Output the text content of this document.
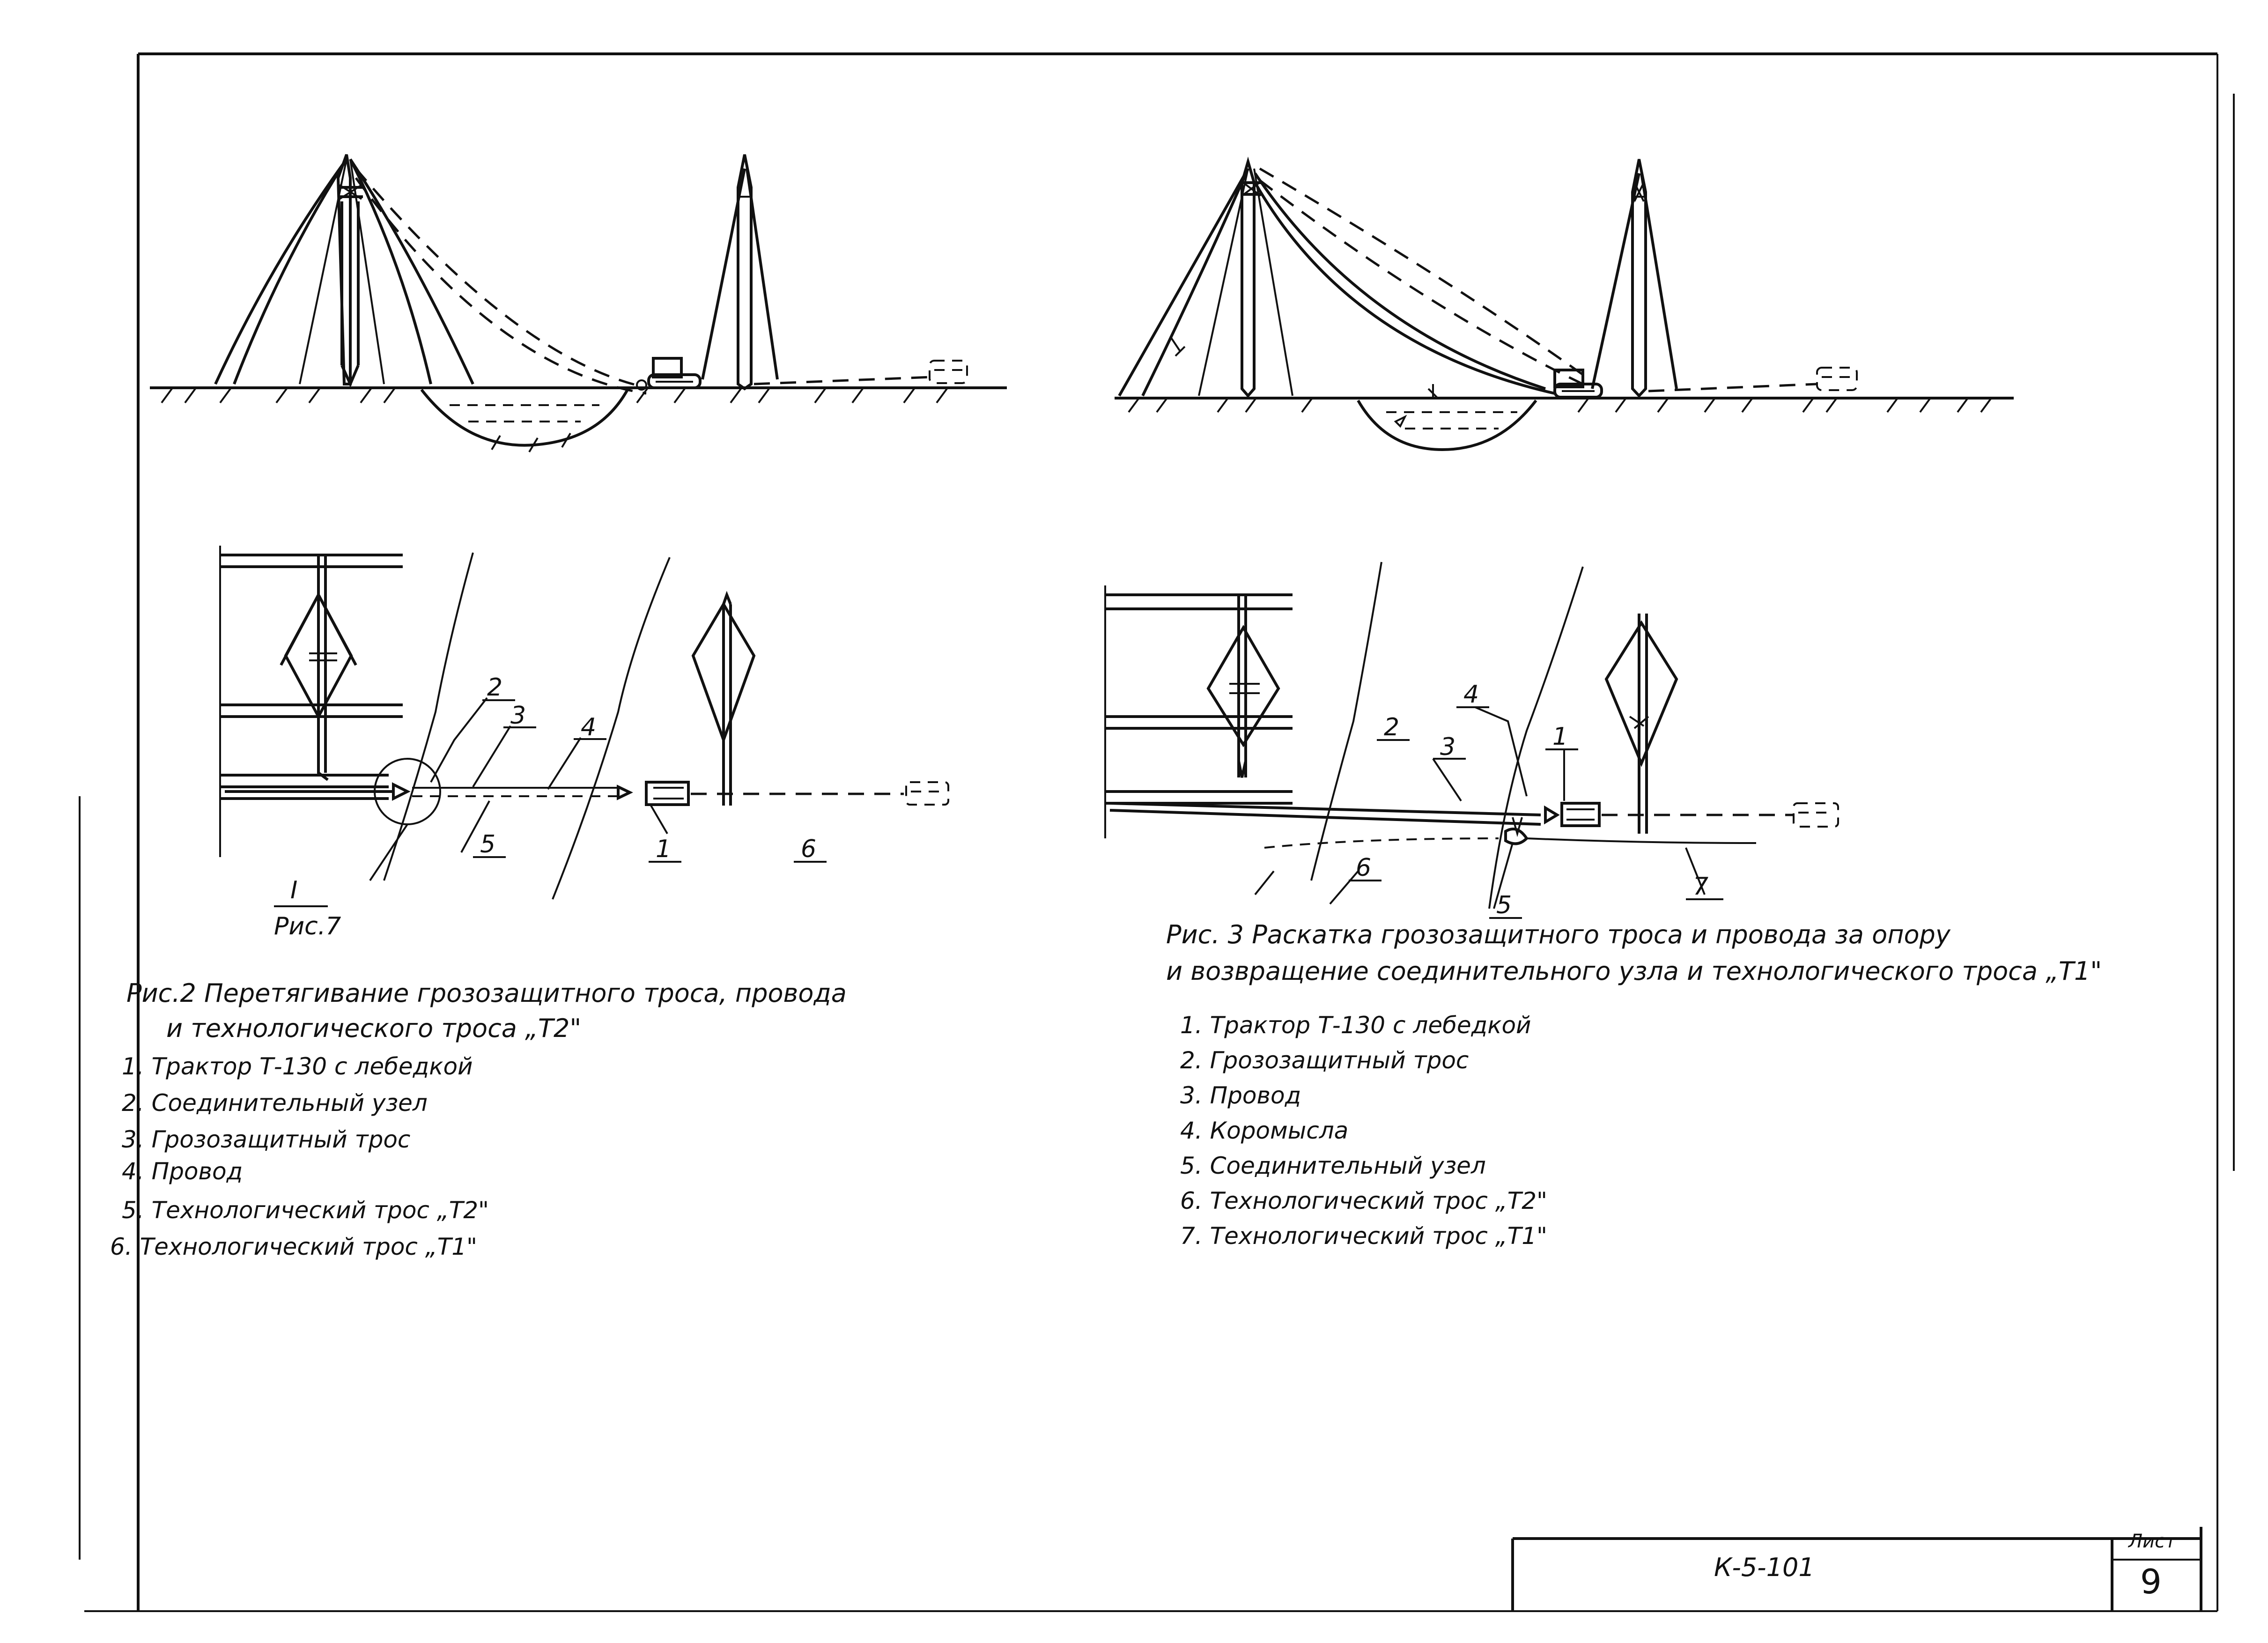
2
3 4
5	1	6
I
Рис.7
2
3
4
1
6
5
7
Рис.2 Перетягивание грозозащитного троса, провода
и технологического троса „Т2"
1. Трактор Т-130 с лебедкой
2. Соединительный узел
3. Грозозащитный трос
4. Провод
5. Технологический трос „Т2"
6. Технологический трос „Т1"
Рис. 3 Раскатка грозозащитного троса и провода за опору
и возвращение соединительного узла и технологического троса „Т1"
1. Трактор Т-130 с лебедкой
2. Грозозащитный трос
3. Провод
4. Коромысла
5. Соединительный узел
6. Технологический трос „Т2"
7. Технологический трос „Т1"
К-5-101
Лист
9
